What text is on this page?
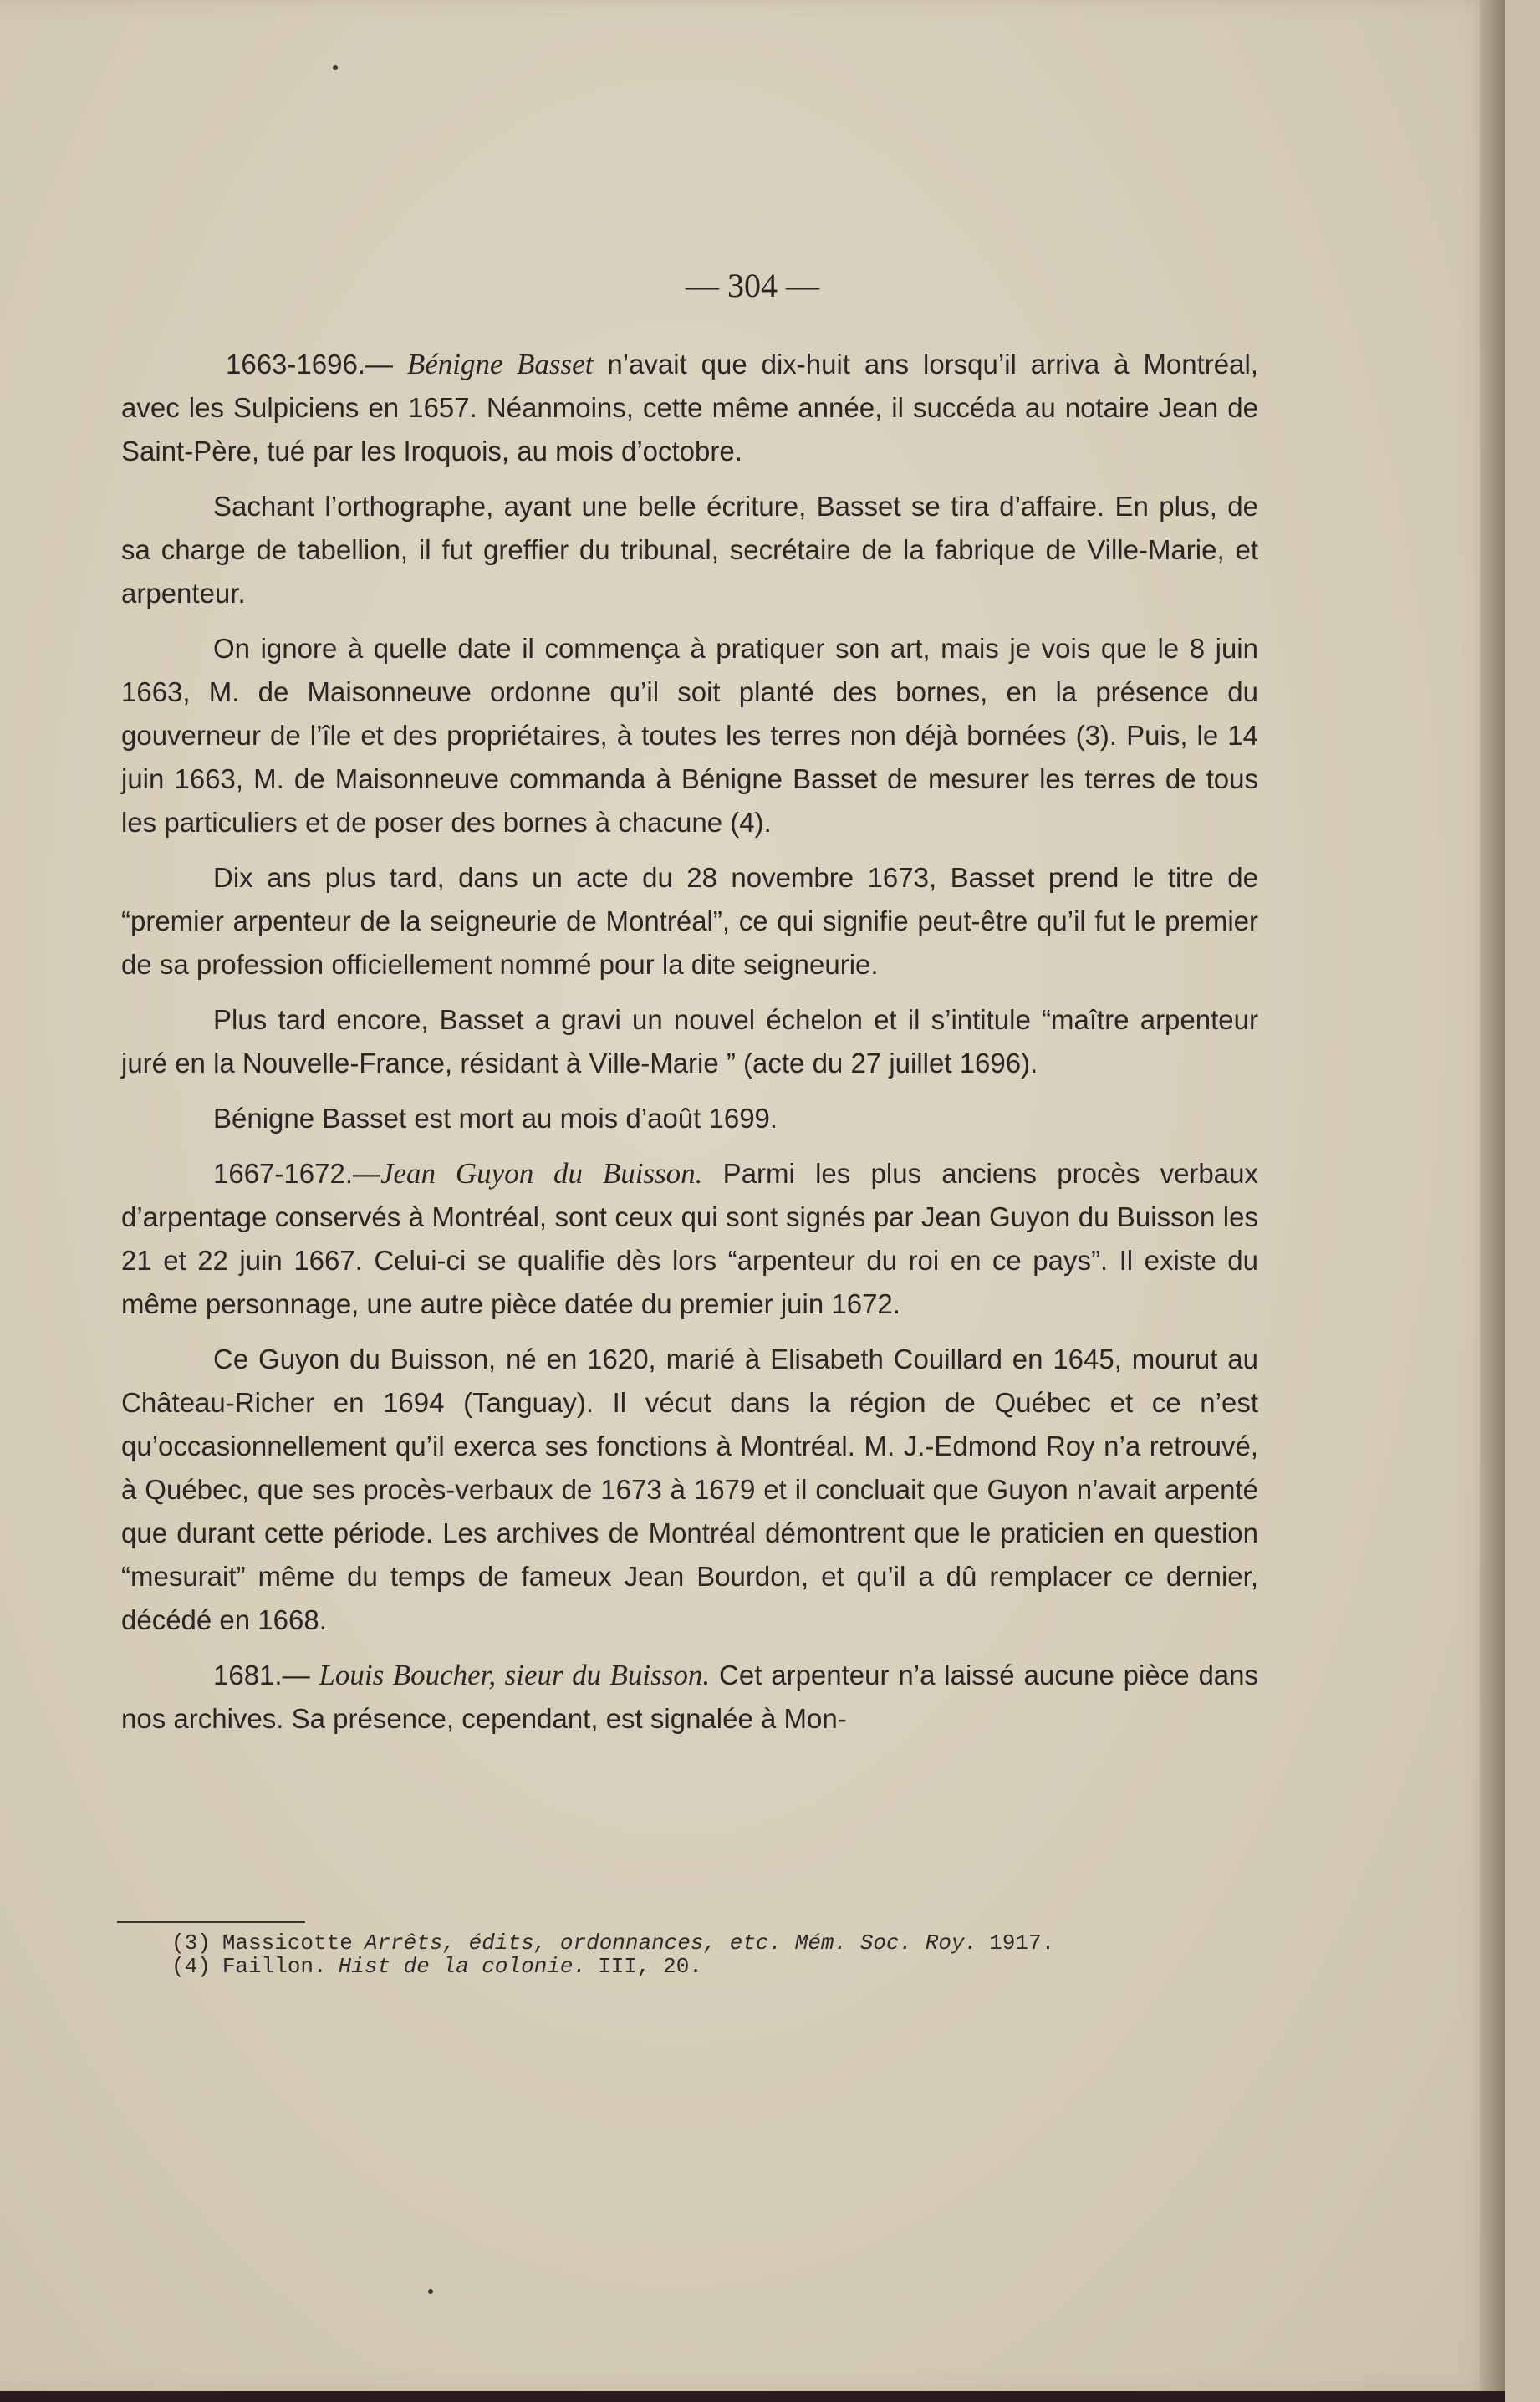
— 304 —

1663-1696.— Bénigne Basset n’avait que dix-huit ans lorsqu’il arriva à Montréal, avec les Sulpiciens en 1657. Néanmoins, cette même année, il succéda au notaire Jean de Saint-Père, tué par les Iroquois, au mois d’octobre.

Sachant l’orthographe, ayant une belle écriture, Basset se tira d’affaire. En plus, de sa charge de tabellion, il fut greffier du tribunal, secrétaire de la fabrique de Ville-Marie, et arpenteur.

On ignore à quelle date il commença à pratiquer son art, mais je vois que le 8 juin 1663, M. de Maisonneuve ordonne qu’il soit planté des bornes, en la présence du gouverneur de l’île et des propriétaires, à toutes les terres non déjà bornées (3). Puis, le 14 juin 1663, M. de Maisonneuve commanda à Bénigne Basset de mesurer les terres de tous les particuliers et de poser des bornes à chacune (4).

Dix ans plus tard, dans un acte du 28 novembre 1673, Basset prend le titre de “premier arpenteur de la seigneurie de Montréal”, ce qui signifie peut-être qu’il fut le premier de sa profession officiellement nommé pour la dite seigneurie.

Plus tard encore, Basset a gravi un nouvel échelon et il s’intitule “maître arpenteur juré en la Nouvelle-France, résidant à Ville-Marie ” (acte du 27 juillet 1696).

Bénigne Basset est mort au mois d’août 1699.

1667-1672.—Jean Guyon du Buisson. Parmi les plus anciens procès verbaux d’arpentage conservés à Montréal, sont ceux qui sont signés par Jean Guyon du Buisson les 21 et 22 juin 1667. Celui-ci se qualifie dès lors “arpenteur du roi en ce pays”. Il existe du même personnage, une autre pièce datée du premier juin 1672.

Ce Guyon du Buisson, né en 1620, marié à Elisabeth Couillard en 1645, mourut au Château-Richer en 1694 (Tanguay). Il vécut dans la région de Québec et ce n’est qu’occasionnellement qu’il exerca ses fonctions à Montréal. M. J.-Edmond Roy n’a retrouvé, à Québec, que ses procès-verbaux de 1673 à 1679 et il concluait que Guyon n’avait arpenté que durant cette période. Les archives de Montréal démontrent que le praticien en question “mesurait” même du temps de fameux Jean Bourdon, et qu’il a dû remplacer ce dernier, décédé en 1668.

1681.— Louis Boucher, sieur du Buisson. Cet arpenteur n’a laissé aucune pièce dans nos archives. Sa présence, cependant, est signalée à Mon-

(3) Massicotte Arrêts, édits, ordonnances, etc. Mém. Soc. Roy. 1917.
(4) Faillon. Hist de la colonie. III, 20.
